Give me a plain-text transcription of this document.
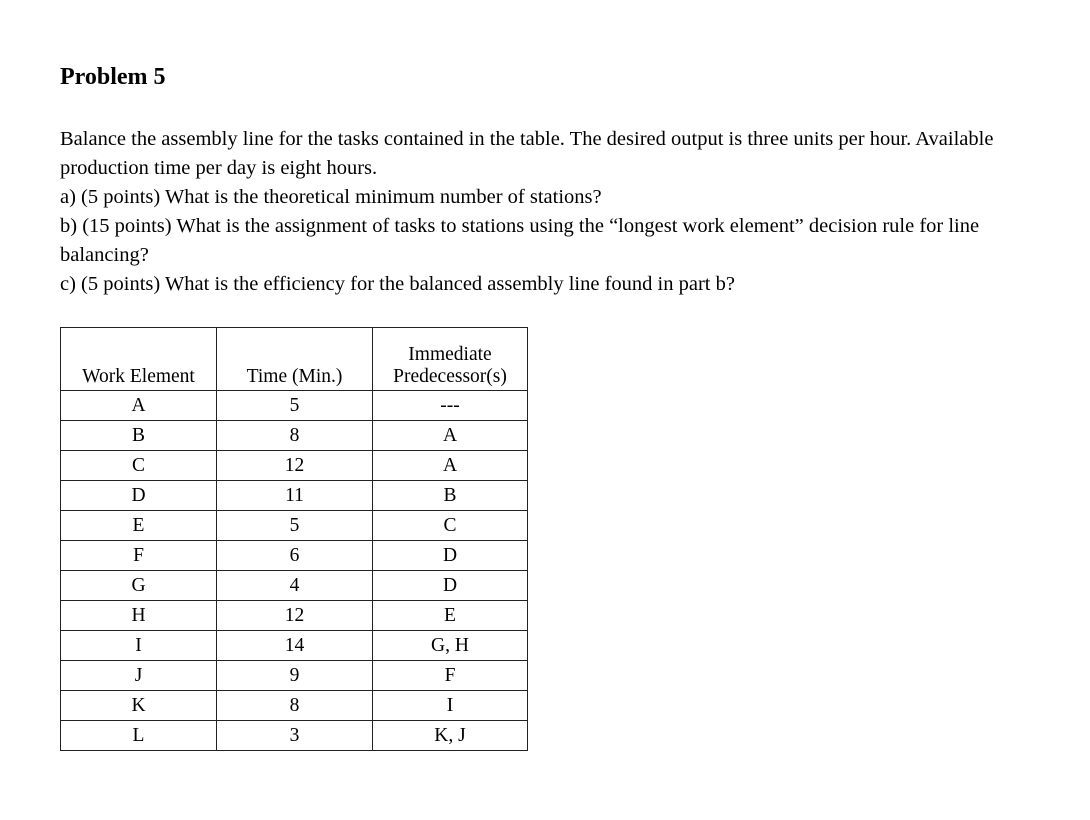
Problem 5

Balance the assembly line for the tasks contained in the table. The desired output is three units per hour. Available production time per day is eight hours.

a) (5 points) What is the theoretical minimum number of stations?

b) (15 points) What is the assignment of tasks to stations using the “longest work element” decision rule for line balancing?

c) (5 points) What is the efficiency for the balanced assembly line found in part b?

Work Element	Time (Min.)	Immediate Predecessor(s)
A	5	---
B	8	A
C	12	A
D	11	B
E	5	C
F	6	D
G	4	D
H	12	E
I	14	G, H
J	9	F
K	8	I
L	3	K, J
